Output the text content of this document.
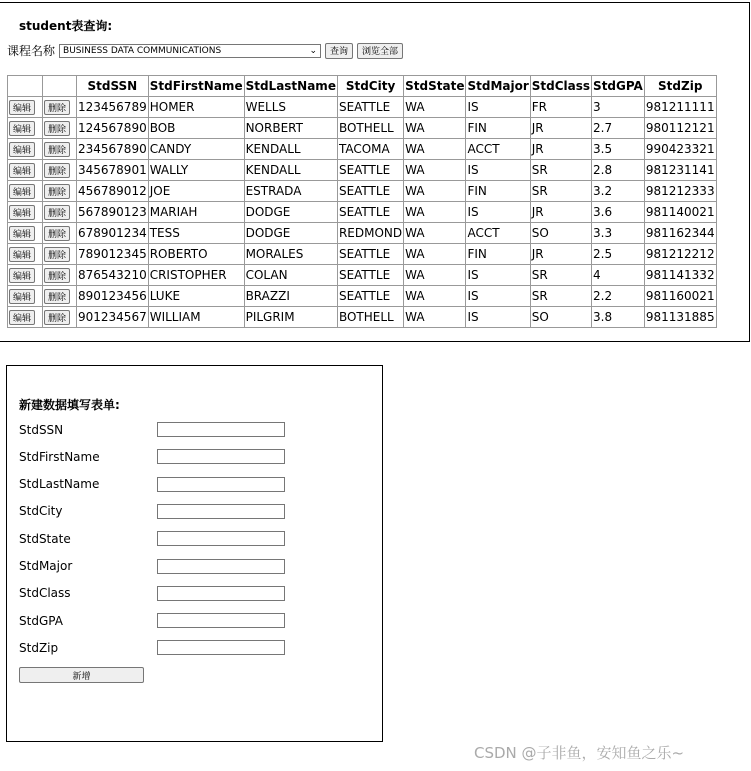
student表查询:
课程名称 BUSINESS DATA COMMUNICATIONS	⌄	查询	浏览全部
		StdSSN	StdFirstName	StdLastName	StdCity	StdState	StdMajor	StdClass	StdGPA	StdZip
编辑	删除	123456789	HOMER	WELLS	SEATTLE	WA	IS	FR	3	981211111
编辑	删除	124567890	BOB	NORBERT	BOTHELL	WA	FIN	JR	2.7	980112121
编辑	删除	234567890	CANDY	KENDALL	TACOMA	WA	ACCT	JR	3.5	990423321
编辑	删除	345678901	WALLY	KENDALL	SEATTLE	WA	IS	SR	2.8	981231141
编辑	删除	456789012	JOE	ESTRADA	SEATTLE	WA	FIN	SR	3.2	981212333
编辑	删除	567890123	MARIAH	DODGE	SEATTLE	WA	IS	JR	3.6	981140021
编辑	删除	678901234	TESS	DODGE	REDMOND	WA	ACCT	SO	3.3	981162344
编辑	删除	789012345	ROBERTO	MORALES	SEATTLE	WA	FIN	JR	2.5	981212212
编辑	删除	876543210	CRISTOPHER	COLAN	SEATTLE	WA	IS	SR	4	981141332
编辑	删除	890123456	LUKE	BRAZZI	SEATTLE	WA	IS	SR	2.2	981160021
编辑	删除	901234567	WILLIAM	PILGRIM	BOTHELL	WA	IS	SO	3.8	981131885
新建数据填写表单:
StdSSN
StdFirstName
StdLastName
StdCity
StdState
StdMajor
StdClass
StdGPA
StdZip
新增
CSDN @子非鱼，安知鱼之乐~
